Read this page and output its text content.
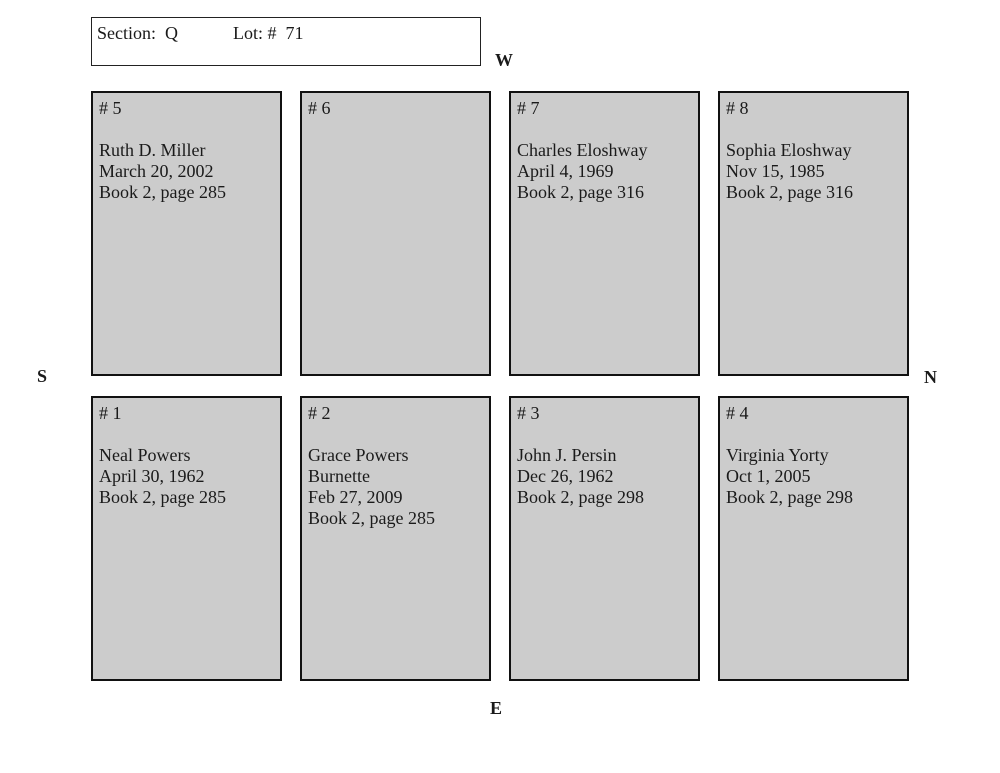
Section:  Q	Lot: #  71
W
S	N
E
# 5
Ruth D. Miller
March 20, 2002
Book 2, page 285
# 6	# 7
Charles Eloshway
April 4, 1969
Book 2, page 316
# 8
Sophia Eloshway
Nov 15, 1985
Book 2, page 316
# 1
Neal Powers
April 30, 1962
Book 2, page 285
# 2
Grace Powers
Burnette
Feb 27, 2009
Book 2, page 285
# 3
John J. Persin
Dec 26, 1962
Book 2, page 298
# 4
Virginia Yorty
Oct 1, 2005
Book 2, page 298
